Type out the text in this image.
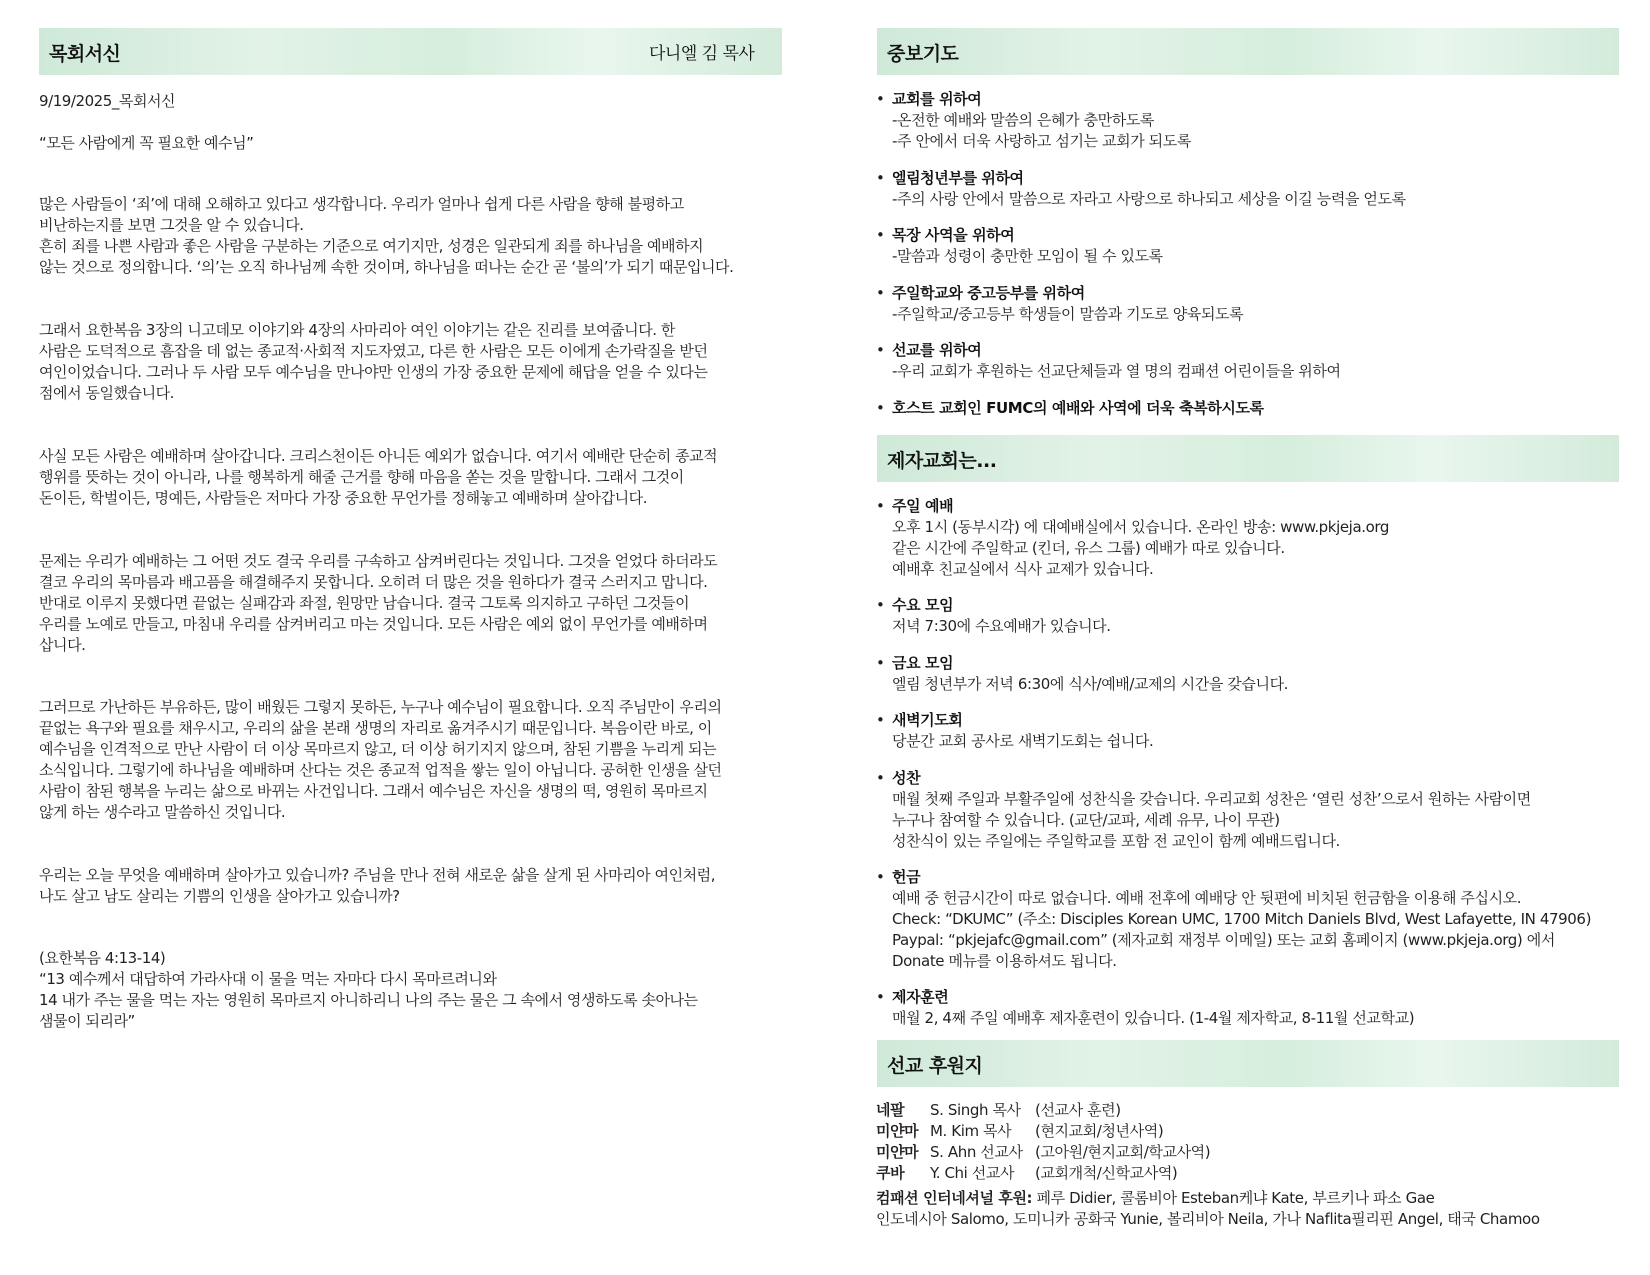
목회서신	다니엘 김 목사

9/19/2025_목회서신

“모든 사람에게 꼭 필요한 예수님”

많은 사람들이 ‘죄’에 대해 오해하고 있다고 생각합니다. 우리가 얼마나 쉽게 다른 사람을 향해 불평하고
비난하는지를 보면 그것을 알 수 있습니다.
흔히 죄를 나쁜 사람과 좋은 사람을 구분하는 기준으로 여기지만, 성경은 일관되게 죄를 하나님을 예배하지
않는 것으로 정의합니다. ‘의’는 오직 하나님께 속한 것이며, 하나님을 떠나는 순간 곧 ‘불의’가 되기 때문입니다.

그래서 요한복음 3장의 니고데모 이야기와 4장의 사마리아 여인 이야기는 같은 진리를 보여줍니다. 한
사람은 도덕적으로 흠잡을 데 없는 종교적·사회적 지도자였고, 다른 한 사람은 모든 이에게 손가락질을 받던
여인이었습니다. 그러나 두 사람 모두 예수님을 만나야만 인생의 가장 중요한 문제에 해답을 얻을 수 있다는
점에서 동일했습니다.

사실 모든 사람은 예배하며 살아갑니다. 크리스천이든 아니든 예외가 없습니다. 여기서 예배란 단순히 종교적
행위를 뜻하는 것이 아니라, 나를 행복하게 해줄 근거를 향해 마음을 쏟는 것을 말합니다. 그래서 그것이
돈이든, 학벌이든, 명예든, 사람들은 저마다 가장 중요한 무언가를 정해놓고 예배하며 살아갑니다.

문제는 우리가 예배하는 그 어떤 것도 결국 우리를 구속하고 삼켜버린다는 것입니다. 그것을 얻었다 하더라도
결코 우리의 목마름과 배고픔을 해결해주지 못합니다. 오히려 더 많은 것을 원하다가 결국 스러지고 맙니다.
반대로 이루지 못했다면 끝없는 실패감과 좌절, 원망만 남습니다. 결국 그토록 의지하고 구하던 그것들이
우리를 노예로 만들고, 마침내 우리를 삼켜버리고 마는 것입니다. 모든 사람은 예외 없이 무언가를 예배하며
삽니다.

그러므로 가난하든 부유하든, 많이 배웠든 그렇지 못하든, 누구나 예수님이 필요합니다. 오직 주님만이 우리의
끝없는 욕구와 필요를 채우시고, 우리의 삶을 본래 생명의 자리로 옮겨주시기 때문입니다. 복음이란 바로, 이
예수님을 인격적으로 만난 사람이 더 이상 목마르지 않고, 더 이상 허기지지 않으며, 참된 기쁨을 누리게 되는
소식입니다. 그렇기에 하나님을 예배하며 산다는 것은 종교적 업적을 쌓는 일이 아닙니다. 공허한 인생을 살던
사람이 참된 행복을 누리는 삶으로 바뀌는 사건입니다. 그래서 예수님은 자신을 생명의 떡, 영원히 목마르지
않게 하는 생수라고 말씀하신 것입니다.

우리는 오늘 무엇을 예배하며 살아가고 있습니까? 주님을 만나 전혀 새로운 삶을 살게 된 사마리아 여인처럼,
나도 살고 남도 살리는 기쁨의 인생을 살아가고 있습니까?

(요한복음 4:13-14)
“13 예수께서 대답하여 가라사대 이 물을 먹는 자마다 다시 목마르려니와
14 내가 주는 물을 먹는 자는 영원히 목마르지 아니하리니 나의 주는 물은 그 속에서 영생하도록 솟아나는
샘물이 되리라”

중보기도
• 교회를 위하여
-온전한 예배와 말씀의 은혜가 충만하도록
-주 안에서 더욱 사랑하고 섬기는 교회가 되도록
• 엘림청년부를 위하여
-주의 사랑 안에서 말씀으로 자라고 사랑으로 하나되고 세상을 이길 능력을 얻도록
• 목장 사역을 위하여
-말씀과 성령이 충만한 모임이 될 수 있도록
• 주일학교와 중고등부를 위하여
-주일학교/중고등부 학생들이 말씀과 기도로 양육되도록
• 선교를 위하여
-우리 교회가 후원하는 선교단체들과 열 명의 컴패션 어린이들을 위하여
• 호스트 교회인 FUMC의 예배와 사역에 더욱 축복하시도록
제자교회는...
• 주일 예배
오후 1시 (동부시각) 에 대예배실에서 있습니다. 온라인 방송: www.pkjeja.org
같은 시간에 주일학교 (킨더, 유스 그룹) 예배가 따로 있습니다.
예배후 친교실에서 식사 교제가 있습니다.
• 수요 모임
저녁 7:30에 수요예배가 있습니다.
• 금요 모임
엘림 청년부가 저녁 6:30에 식사/예배/교제의 시간을 갖습니다.
• 새벽기도회
당분간 교회 공사로 새벽기도회는 쉽니다.
• 성찬
매월 첫째 주일과 부활주일에 성찬식을 갖습니다. 우리교회 성찬은 ‘열린 성찬’으로서 원하는 사람이면
누구나 참여할 수 있습니다. (교단/교파, 세례 유무, 나이 무관)
성찬식이 있는 주일에는 주일학교를 포함 전 교인이 함께 예배드립니다.
• 헌금
예배 중 헌금시간이 따로 없습니다. 예배 전후에 예배당 안 뒷편에 비치된 헌금함을 이용해 주십시오.
Check: “DKUMC” (주소: Disciples Korean UMC, 1700 Mitch Daniels Blvd, West Lafayette, IN 47906)
Paypal: “pkjejafc@gmail.com” (제자교회 재정부 이메일) 또는 교회 홈페이지 (www.pkjeja.org) 에서
Donate 메뉴를 이용하셔도 됩니다.
• 제자훈련
매월 2, 4째 주일 예배후 제자훈련이 있습니다. (1-4월 제자학교, 8-11월 선교학교)
선교 후원지
네팔	S. Singh 목사 (선교사 훈련)
미얀마 M. Kim 목사	(현지교회/청년사역)
미얀마 S. Ahn 선교사 (고아원/현지교회/학교사역)
쿠바	Y. Chi 선교사	(교회개척/신학교사역)
컴패션 인터네셔널 후원: 페루 Didier, 콜롬비아 Esteban케냐 Kate, 부르키나 파소 Gae
인도네시아 Salomo, 도미니카 공화국 Yunie, 볼리비아 Neila, 가나 Naflita필리핀 Angel, 태국 Chamoo
